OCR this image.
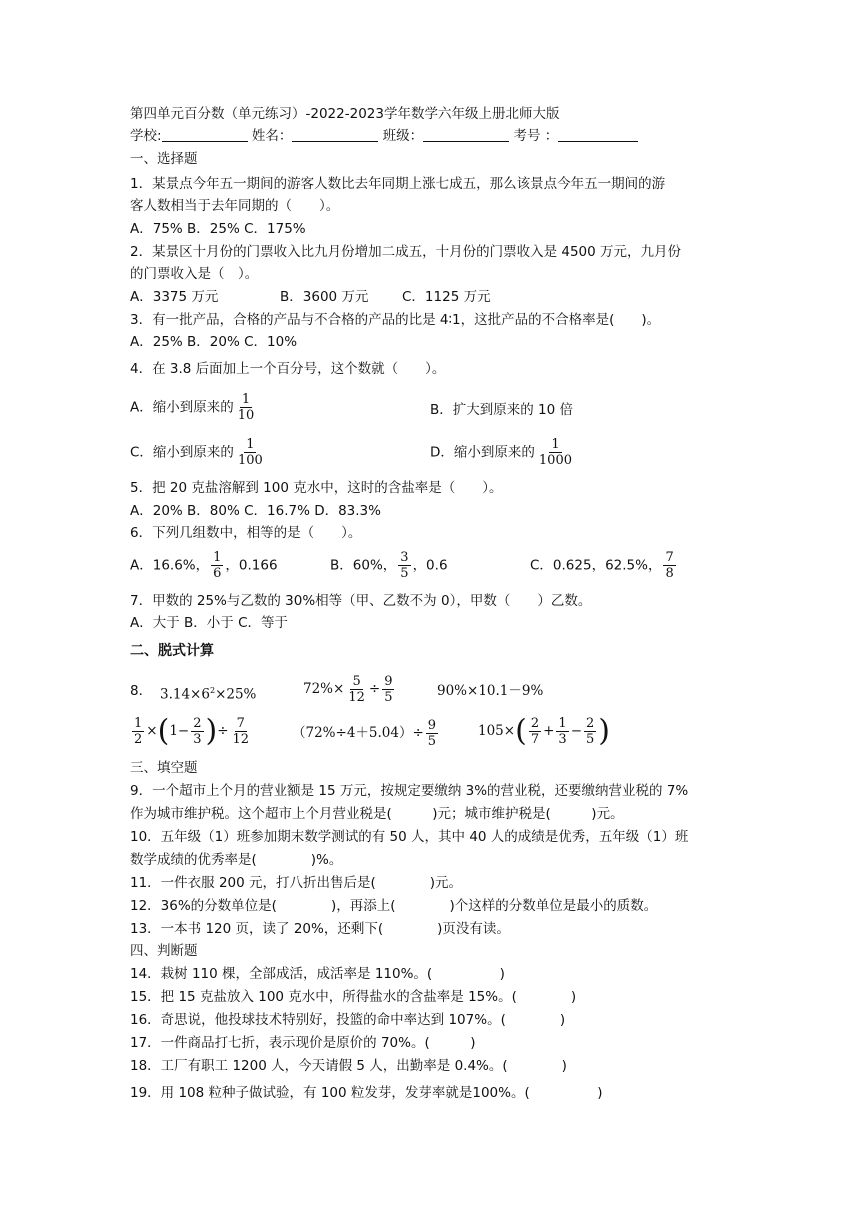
第四单元百分数（单元练习）-2022-2023学年数学六年级上册北师大版
学校:	姓名：	班级：	考号 ：
一、选择题
1．某景点今年五一期间的游客人数比去年同期上涨七成五，那么该景点今年五一期间的游
客人数相当于去年同期的（　　）。
A．75% B．25% C．175%
2．某景区十月份的门票收入比九月份增加二成五，十月份的门票收入是 4500 万元，九月份
的门票收入是（　）。
A．3375 万元	B．3600 万元 C．1125 万元
3．有一批产品，合格的产品与不合格的产品的比是 4∶1，这批产品的不合格率是(　　)。
A．25% B．20% C．10%
4．在 3.8 后面加上一个百分号，这个数就（　　）。
A．缩小到原来的 $\frac{1}{10}$	B．扩大到原来的 10 倍
C．缩小到原来的 $\frac{1}{100}$	D．缩小到原来的 $\frac{1}{1000}$
5．把 20 克盐溶解到 100 克水中，这时的含盐率是（　　）。
A．20% B．80% C．16.7% D．83.3%
6．下列几组数中，相等的是（　　）。
A．16.6%， $\frac{1}{6}$ ，0.166	B．60%， $\frac{3}{5}$ ，0.6	C．0.625，62.5%， $\frac{7}{8}$
7．甲数的 25%与乙数的 30%相等（甲、乙数不为 0），甲数（　　）乙数。
A．大于 B．小于 C．等于
二、脱式计算
8． $3.14\times 6^2\times 25\%$	$72\%\times \frac{5}{12} \div \frac{9}{5}$	90%×10.1－9%
$\frac{1}{2} \times(1- \frac{2}{3}$ )÷ $\frac{7}{12}$	$(72\%\div 4+5.04)\div \frac{9}{5}$	$105\times( \frac{2}{7} + \frac{1}{3} - \frac{2}{5}$ )
三、填空题
9．一个超市上个月的营业额是 15 万元，按规定要缴纳 3%的营业税，还要缴纳营业税的 7%
作为城市维护税。这个超市上个月营业税是(　　　)元；城市维护税是(　　　)元。
10．五年级（1）班参加期末数学测试的有 50 人，其中 40 人的成绩是优秀，五年级（1）班
数学成绩的优秀率是(　　　　)%。
11．一件衣服 200 元，打八折出售后是(　　　　)元。
12．36%的分数单位是(　　　　)，再添上(　　　　)个这样的分数单位是最小的质数。
13．一本书 120 页，读了 20%，还剩下(　　　　)页没有读。
四、判断题
14．栽树 110 棵，全部成活，成活率是 110%。(　　　　　)
15．把 15 克盐放入 100 克水中，所得盐水的含盐率是 15%。(　　　　)
16．奇思说，他投球技术特别好，投篮的命中率达到 107%。(　　　　)
17．一件商品打七折，表示现价是原价的 70%。(　　　)
18．工厂有职工 1200 人，今天请假 5 人，出勤率是 0.4%。(　　　　)
19．用 108 粒种子做试验，有 100 粒发芽，发芽率就是100%。(　　　　　)
